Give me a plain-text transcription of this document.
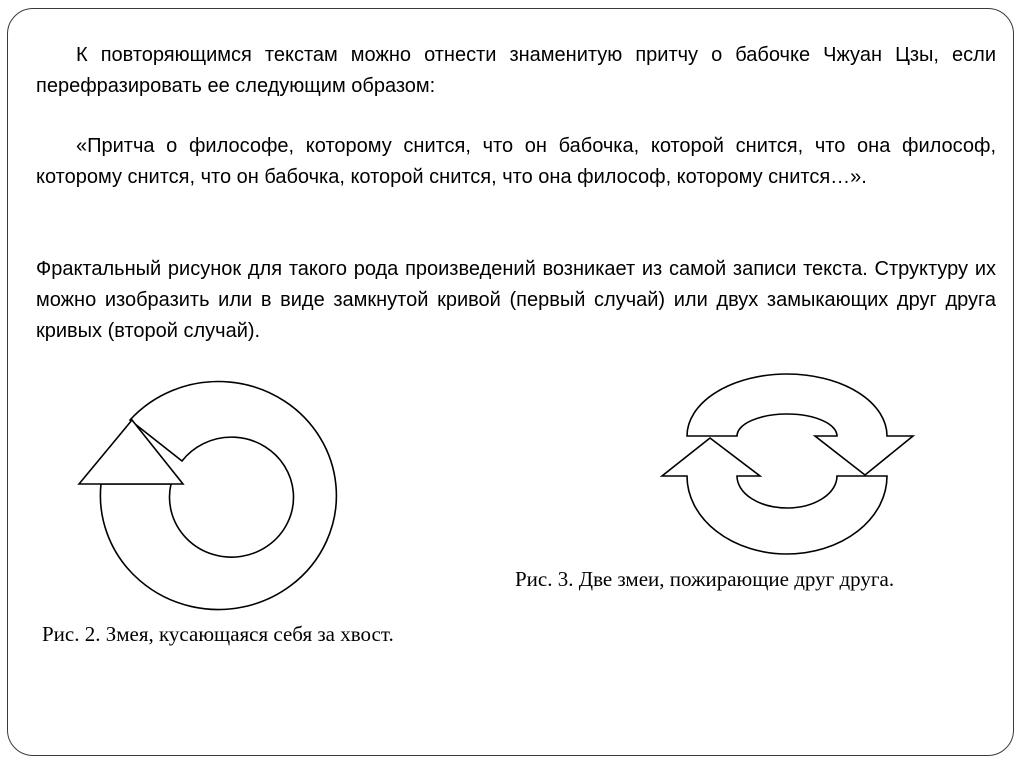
К повторяющимся текстам можно отнести знаменитую притчу о бабочке Чжуан Цзы, если перефразировать ее следующим образом:

«Притча о философе, которому снится, что он бабочка, которой снится, что она философ, которому снится, что он бабочка, которой снится, что она философ, которому снится…».

Фрактальный рисунок для такого рода произведений возникает из самой записи текста. Структуру их можно изобразить или в виде замкнутой кривой (первый случай) или двух замыкающих друг друга кривых (второй случай).

Рис. 3. Две змеи, пожирающие друг друга.

Рис. 2. Змея, кусающаяся себя за хвост.
